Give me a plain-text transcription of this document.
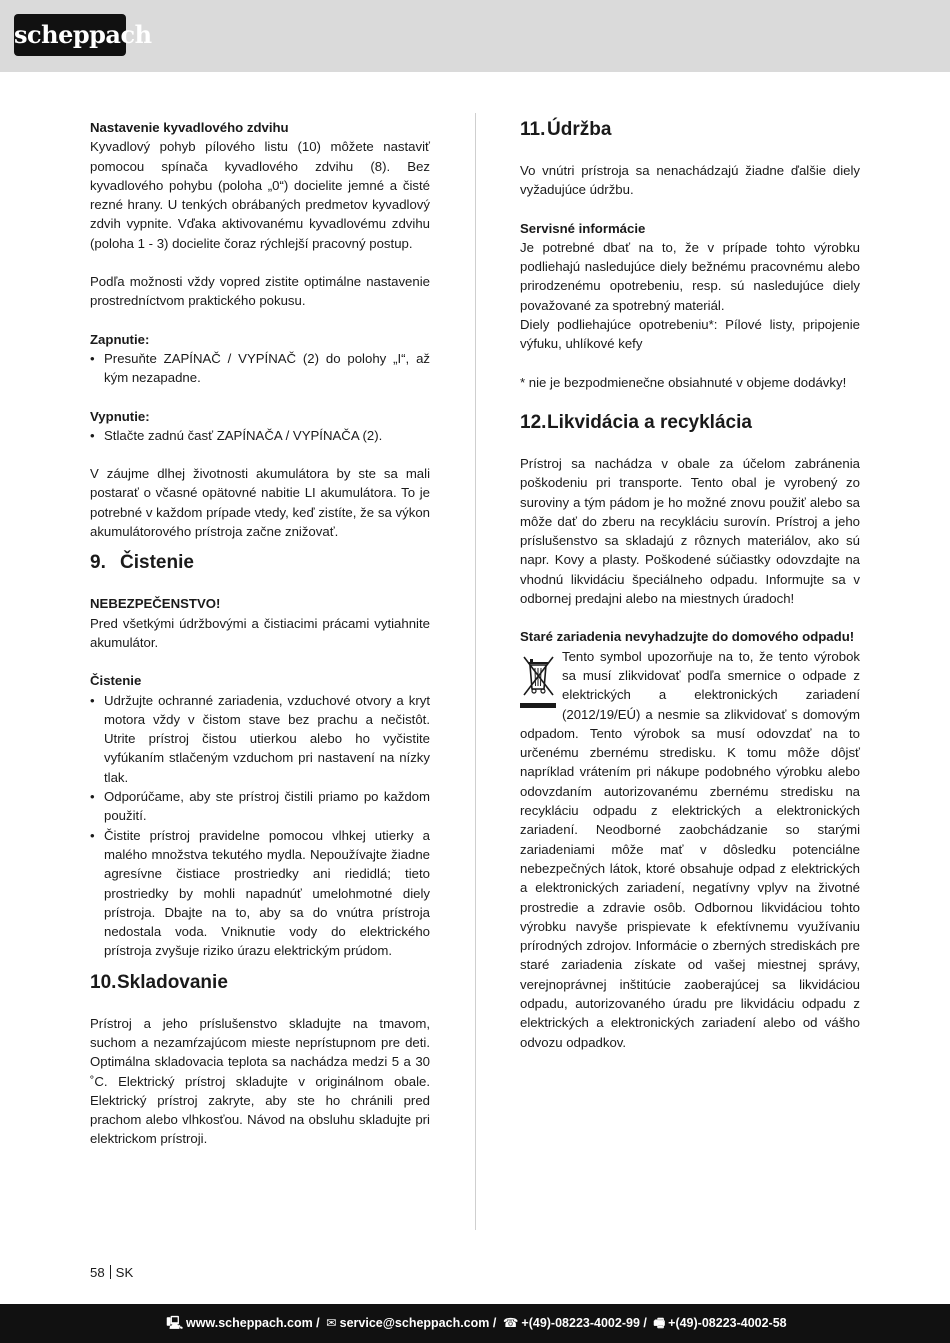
scheppach

Nastavenie kyvadlového zdvihu

Kyvadlový pohyb pílového listu (10) môžete nastaviť pomocou spínača kyvadlového zdvihu (8). Bez kyvadlového pohybu (poloha „0“) docielite jemné a čisté rezné hrany. U tenkých obrábaných predmetov kyvadlový zdvih vypnite. Vďaka aktivovanému kyvadlovému zdvihu (poloha 1 - 3) docielite čoraz rýchlejší pracovný postup.

Podľa možnosti vždy vopred zistite optimálne nastavenie prostredníctvom praktického pokusu.

Zapnutie:

• Presuňte ZAPÍNAČ / VYPÍNAČ (2) do polohy „I“, až kým nezapadne.

Vypnutie:

• Stlačte zadnú časť ZAPÍNAČA / VYPÍNAČA (2).

V záujme dlhej životnosti akumulátora by ste sa mali postarať o včasné opätovné nabitie LI akumulátora. To je potrebné v každom prípade vtedy, keď zistíte, že sa výkon akumulátorového prístroja začne znižovať.

9. Čistenie

NEBEZPEČENSTVO!

Pred všetkými údržbovými a čistiacimi prácami vytiahnite akumulátor.

Čistenie

• Udržujte ochranné zariadenia, vzduchové otvory a kryt motora vždy v čistom stave bez prachu a nečistôt. Utrite prístroj čistou utierkou alebo ho vyčistite vyfúkaním stlačeným vzduchom pri nastavení na nízky tlak.
• Odporúčame, aby ste prístroj čistili priamo po každom použití.
• Čistite prístroj pravidelne pomocou vlhkej utierky a malého množstva tekutého mydla. Nepoužívajte žiadne agresívne čistiace prostriedky ani riedidlá; tieto prostriedky by mohli napadnúť umelohmotné diely prístroja. Dbajte na to, aby sa do vnútra prístroja nedostala voda. Vniknutie vody do elektrického prístroja zvyšuje riziko úrazu elektrickým prúdom.
10. Skladovanie

Prístroj a jeho príslušenstvo skladujte na tmavom, suchom a nezamŕzajúcom mieste neprístupnom pre deti. Optimálna skladovacia teplota sa nachádza medzi 5 a 30 ˚C. Elektrický prístroj skladujte v originálnom obale. Elektrický prístroj zakryte, aby ste ho chránili pred prachom alebo vlhkosťou. Návod na obsluhu skladujte pri elektrickom prístroji.

11. Údržba

Vo vnútri prístroja sa nenachádzajú žiadne ďalšie diely vyžadujúce údržbu.

Servisné informácie

Je potrebné dbať na to, že v prípade tohto výrobku podliehajú nasledujúce diely bežnému pracovnému alebo prirodzenému opotrebeniu, resp. sú nasledujúce diely považované za spotrebný materiál.

Diely podliehajúce opotrebeniu*: Pílové listy, pripojenie výfuku, uhlíkové kefy

* nie je bezpodmienečne obsiahnuté v objeme dodávky!

12. Likvidácia a recyklácia

Prístroj sa nachádza v obale za účelom zabránenia poškodeniu pri transporte. Tento obal je vyrobený zo suroviny a tým pádom je ho možné znovu použiť alebo sa môže dať do zberu na recykláciu surovín. Prístroj a jeho príslušenstvo sa skladajú z rôznych materiálov, ako sú napr. Kovy a plasty. Poškodené súčiastky odovzdajte na vhodnú likvidáciu špeciálneho odpadu. Informujte sa v odbornej predajni alebo na miestnych úradoch!

Staré zariadenia nevyhadzujte do domového odpadu!

Tento symbol upozorňuje na to, že tento výrobok sa musí zlikvidovať podľa smernice o odpade z elektrických a elektronických zariadení (2012/19/EÚ) a nesmie sa zlikvidovať s domovým odpadom. Tento výrobok sa musí odovzdať na to určenému zbernému stredisku. K tomu môže dôjsť napríklad vrátením pri nákupe podobného výrobku alebo odovzdaním autorizovanému zbernému stredisku na recykláciu odpadu z elektrických a elektronických zariadení. Neodborné zaobchádzanie so starými zariadeniami môže mať v dôsledku potenciálne nebezpečných látok, ktoré obsahuje odpad z elektrických a elektronických zariadení, negatívny vplyv na životné prostredie a zdravie osôb. Odbornou likvidáciou tohto výrobku navyše prispievate k efektívnemu využívaniu prírodných zdrojov. Informácie o zberných strediskách pre staré zariadenia získate od vašej miestnej správy, verejnoprávnej inštitúcie zaoberajúcej sa likvidáciou odpadu, autorizovaného úradu pre likvidáciu odpadu z elektrických a elektronických zariadení alebo od vášho odvozu odpadkov.

58 SK
🖳 www.scheppach.com / ✉ service@scheppach.com / ☎ +(49)-08223-4002-99 / 🖷 +(49)-08223-4002-58
